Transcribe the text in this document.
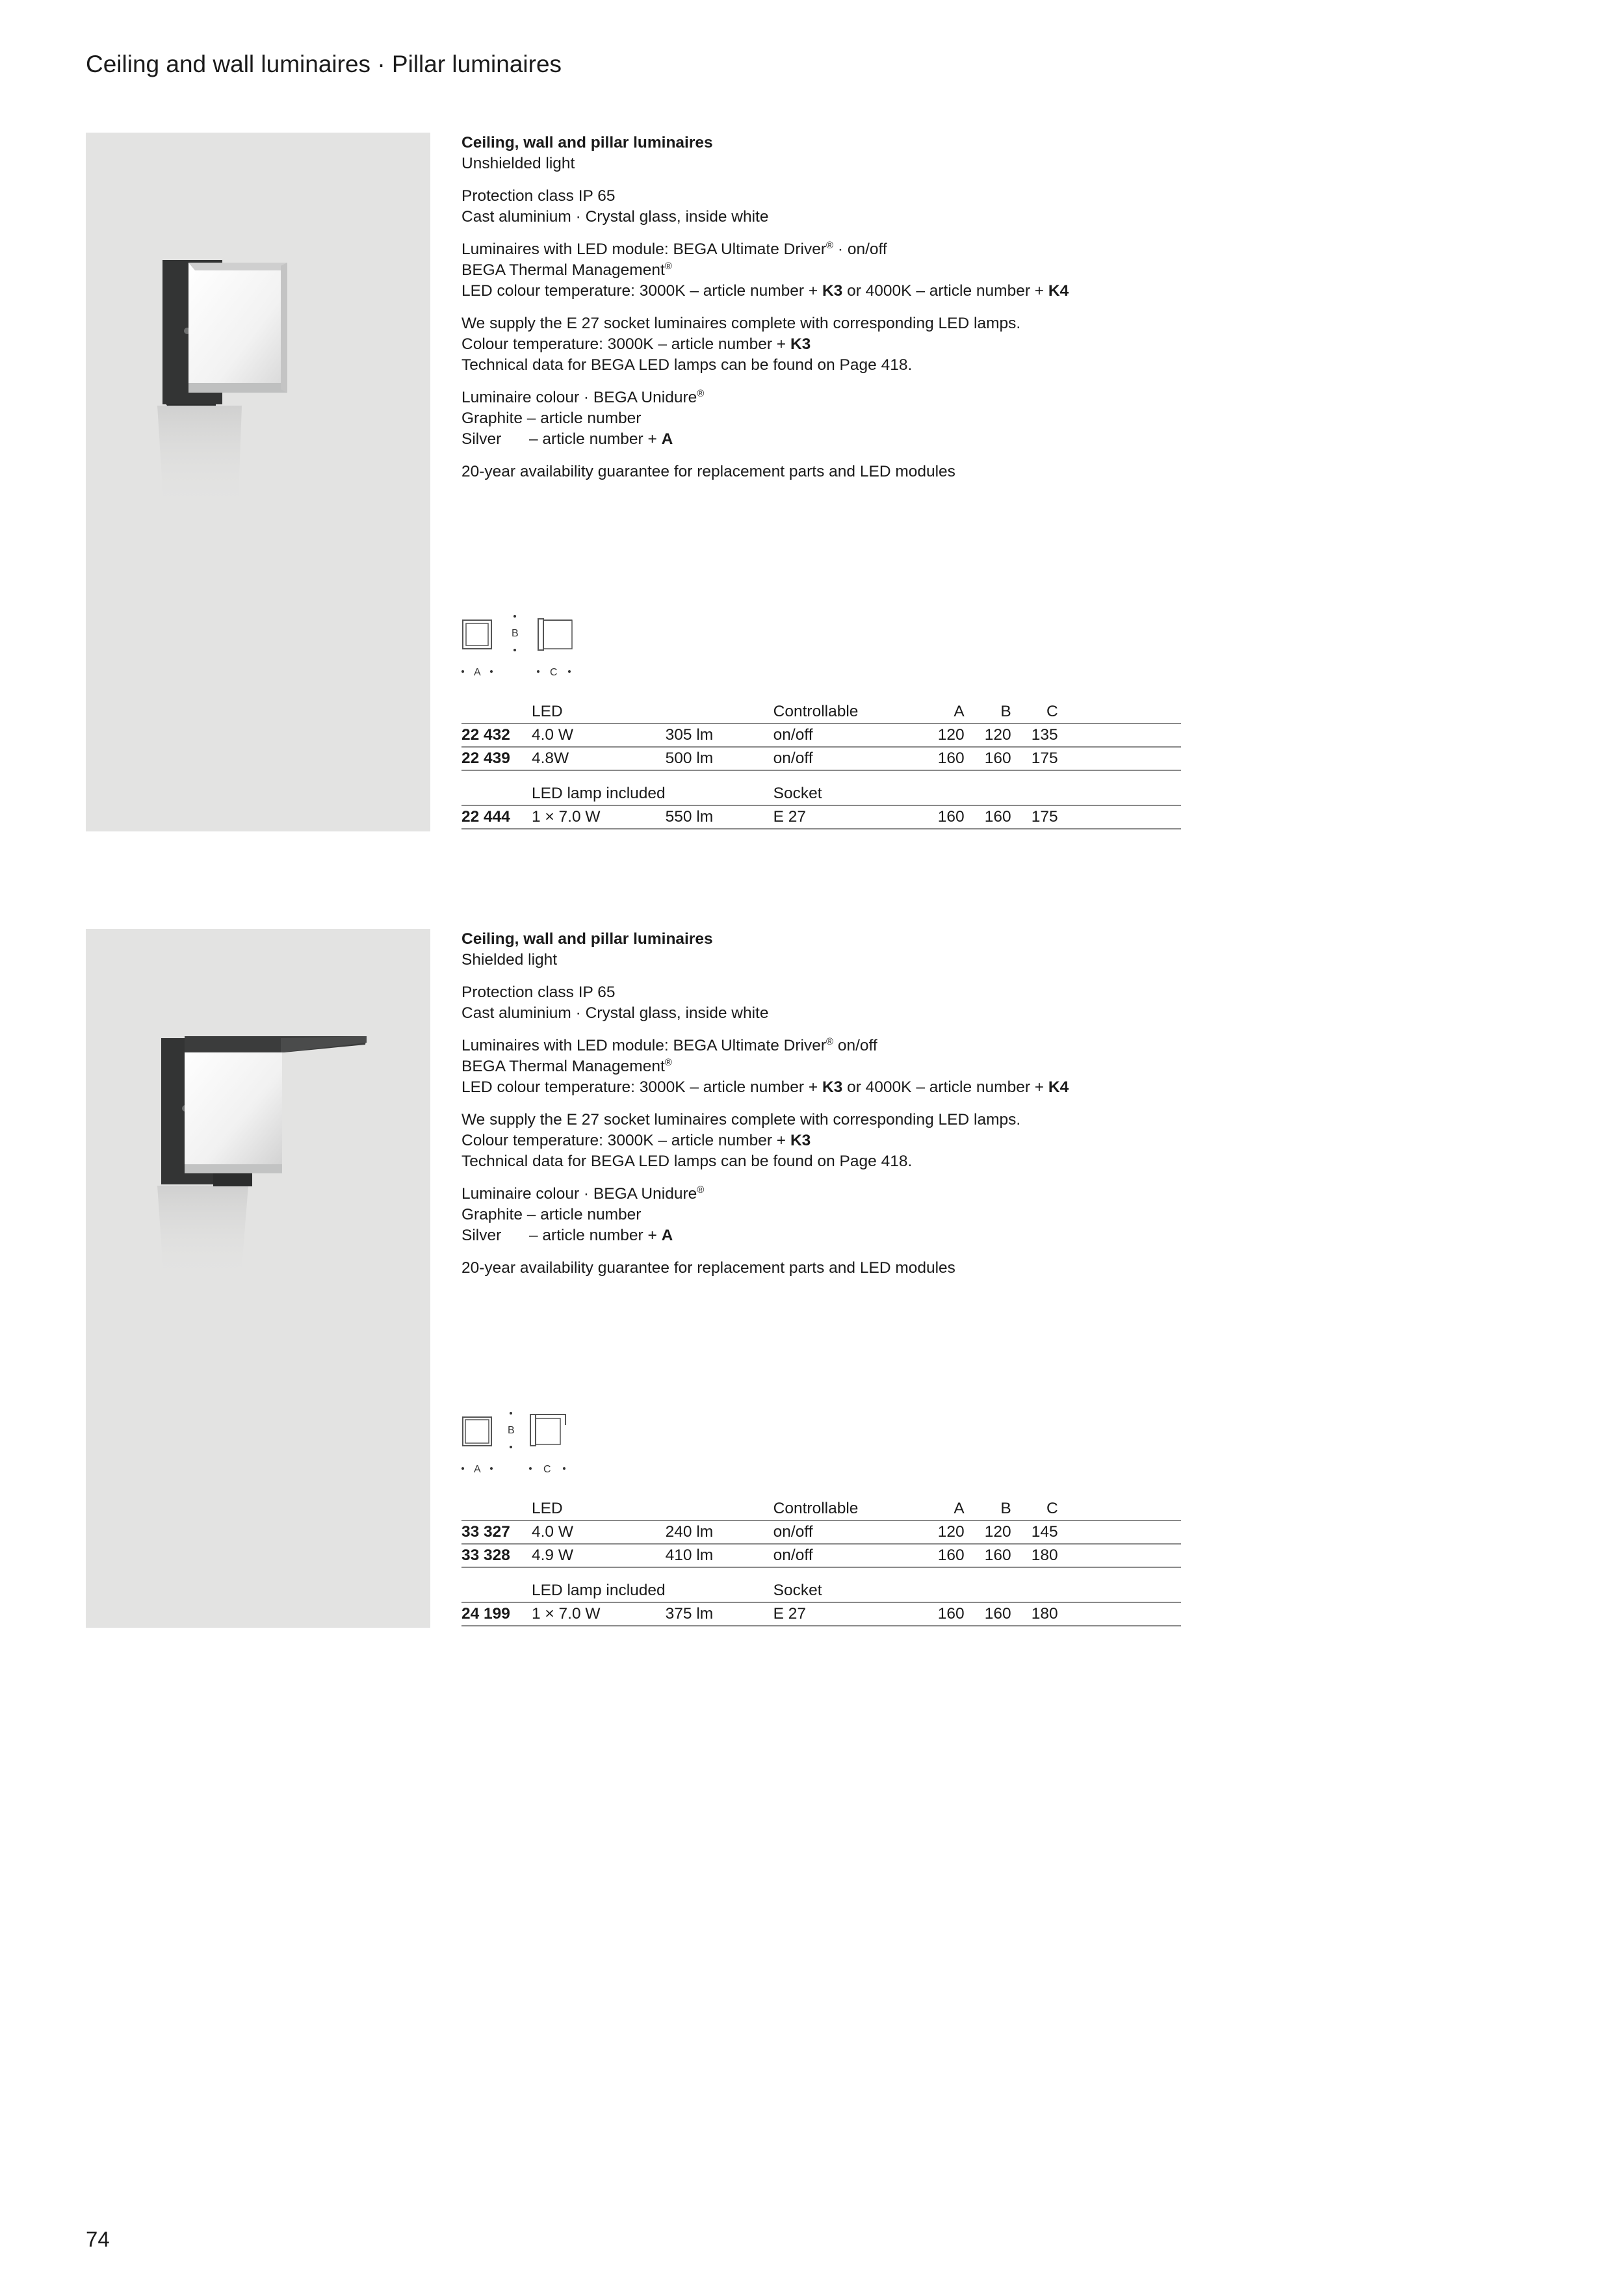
Ceiling and wall luminaires · Pillar luminaires

Ceiling, wall and pillar luminaires
Unshielded light

Protection class IP 65
Cast aluminium · Crystal glass, inside white

Luminaires with LED module: BEGA Ultimate Driver® · on/off
BEGA Thermal Management®
LED colour temperature: 3000K – article number + K3 or 4000K – article number + K4

We supply the E 27 socket luminaires complete with corresponding LED lamps.
Colour temperature: 3000K – article number + K3
Technical data for BEGA LED lamps can be found on Page 418.

Luminaire colour · BEGA Unidure®
Graphite – article number
Silver – article number + A

20-year availability guarantee for replacement parts and LED modules

B
A	C
	LED		Controllable	A	B	C	
22 432	4.0 W	305 lm	on/off	120	120	135	
22 439	4.8W	500 lm	on/off	160	160	175	

	LED lamp included		Socket				
22 444	1 × 7.0 W	550 lm	E 27	160	160	175	

Ceiling, wall and pillar luminaires
Shielded light

Protection class IP 65
Cast aluminium · Crystal glass, inside white

Luminaires with LED module: BEGA Ultimate Driver® on/off
BEGA Thermal Management®
LED colour temperature: 3000K – article number + K3 or 4000K – article number + K4

We supply the E 27 socket luminaires complete with corresponding LED lamps.
Colour temperature: 3000K – article number + K3
Technical data for BEGA LED lamps can be found on Page 418.

Luminaire colour · BEGA Unidure®
Graphite – article number
Silver – article number + A

20-year availability guarantee for replacement parts and LED modules

B
A	C
	LED		Controllable	A	B	C	
33 327	4.0 W	240 lm	on/off	120	120	145	
33 328	4.9 W	410 lm	on/off	160	160	180	

	LED lamp included		Socket				
24 199	1 × 7.0 W	375 lm	E 27	160	160	180	
74
